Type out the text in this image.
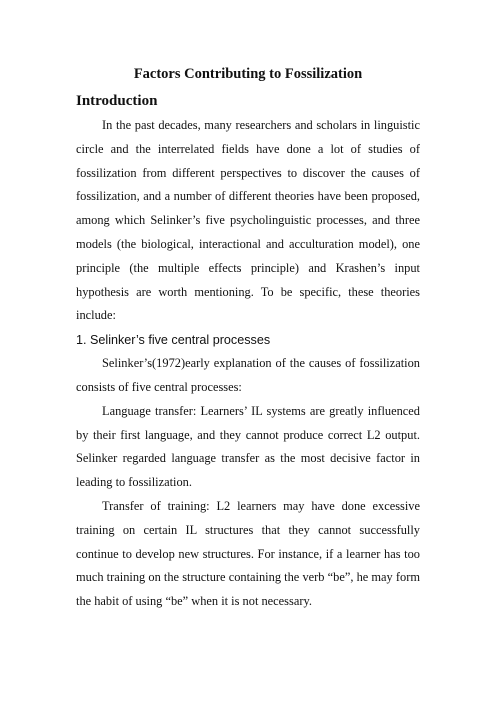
Factors Contributing to Fossilization
Introduction

In the past decades, many researchers and scholars in linguistic circle and the interrelated fields have done a lot of studies of fossilization from different perspectives to discover the causes of fossilization, and a number of different theories have been proposed, among which Selinker’s five psycholinguistic processes, and three models (the biological, interactional and acculturation model), one principle (the multiple effects principle) and Krashen’s input hypothesis are worth mentioning. To be specific, these theories include:

1. Selinker’s five central processes

Selinker’s(1972)early explanation of the causes of fossilization consists of five central processes:

Language transfer: Learners’ IL systems are greatly influenced by their first language, and they cannot produce correct L2 output. Selinker regarded language transfer as the most decisive factor in leading to fossilization.

Transfer of training: L2 learners may have done excessive training on certain IL structures that they cannot successfully continue to develop new structures. For instance, if a learner has too much training on the structure containing the verb “be”, he may form the habit of using “be” when it is not necessary.
